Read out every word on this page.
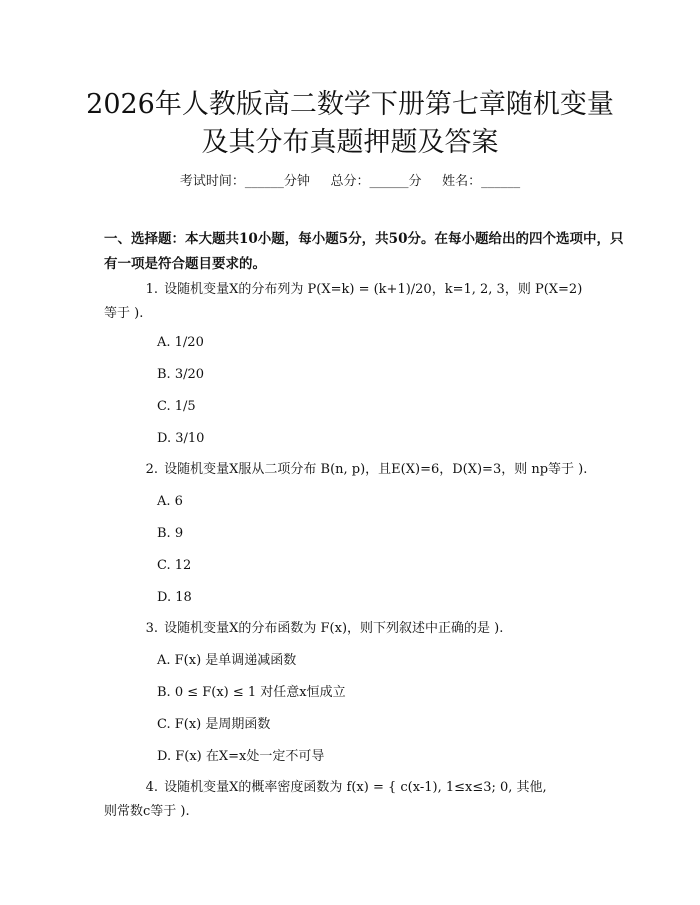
2026年人教版高二数学下册第七章随机变量
及其分布真题押题及答案
考试时间：______分钟     总分：______分     姓名：______
一、选择题：本大题共10小题，每小题5分，共50分。在每小题给出的四个选项中，只有一项是符合题目要求的。
1. 设随机变量X的分布列为 P(X=k) = (k+1)/20，k=1, 2, 3，则 P(X=2)
等于 ).
A. 1/20
B. 3/20
C. 1/5
D. 3/10
2. 设随机变量X服从二项分布 B(n, p)，且E(X)=6，D(X)=3，则 np等于 ).
A. 6
B. 9
C. 12
D. 18
3. 设随机变量X的分布函数为 F(x)，则下列叙述中正确的是 ).
A. F(x) 是单调递减函数
B. 0 ≤ F(x) ≤ 1 对任意x恒成立
C. F(x) 是周期函数
D. F(x) 在X=x处一定不可导
4. 设随机变量X的概率密度函数为 f(x) = { c(x-1), 1≤x≤3; 0, 其他,
则常数c等于 ).
